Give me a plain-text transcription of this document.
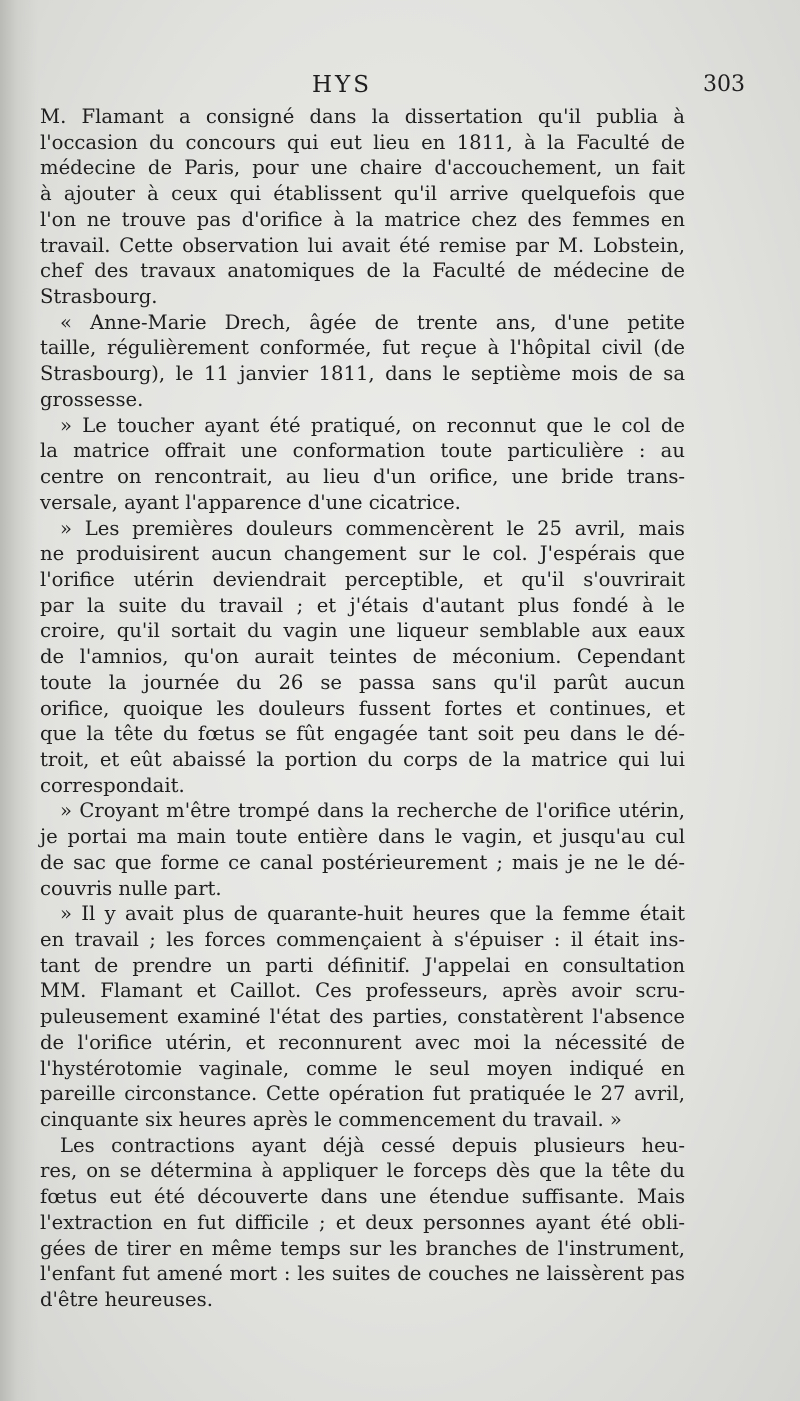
HYS	303
M. Flamant a consigné dans la dissertation qu'il publia à
l'occasion du concours qui eut lieu en 1811, à la Faculté de
médecine de Paris, pour une chaire d'accouchement, un fait
à ajouter à ceux qui établissent qu'il arrive quelquefois que
l'on ne trouve pas d'orifice à la matrice chez des femmes en
travail. Cette observation lui avait été remise par M. Lobstein,
chef des travaux anatomiques de la Faculté de médecine de
Strasbourg.
« Anne-Marie Drech, âgée de trente ans, d'une petite
taille, régulièrement conformée, fut reçue à l'hôpital civil (de
Strasbourg), le 11 janvier 1811, dans le septième mois de sa
grossesse.
» Le toucher ayant été pratiqué, on reconnut que le col de
la matrice offrait une conformation toute particulière : au
centre on rencontrait, au lieu d'un orifice, une bride trans-
versale, ayant l'apparence d'une cicatrice.
» Les premières douleurs commencèrent le 25 avril, mais
ne produisirent aucun changement sur le col. J'espérais que
l'orifice utérin deviendrait perceptible, et qu'il s'ouvrirait
par la suite du travail ; et j'étais d'autant plus fondé à le
croire, qu'il sortait du vagin une liqueur semblable aux eaux
de l'amnios, qu'on aurait teintes de méconium. Cependant
toute la journée du 26 se passa sans qu'il parût aucun
orifice, quoique les douleurs fussent fortes et continues, et
que la tête du fœtus se fût engagée tant soit peu dans le dé-
troit, et eût abaissé la portion du corps de la matrice qui lui
correspondait.
» Croyant m'être trompé dans la recherche de l'orifice utérin,
je portai ma main toute entière dans le vagin, et jusqu'au cul
de sac que forme ce canal postérieurement ; mais je ne le dé-
couvris nulle part.
» Il y avait plus de quarante-huit heures que la femme était
en travail ; les forces commençaient à s'épuiser : il était ins-
tant de prendre un parti définitif. J'appelai en consultation
MM. Flamant et Caillot. Ces professeurs, après avoir scru-
puleusement examiné l'état des parties, constatèrent l'absence
de l'orifice utérin, et reconnurent avec moi la nécessité de
l'hystérotomie vaginale, comme le seul moyen indiqué en
pareille circonstance. Cette opération fut pratiquée le 27 avril,
cinquante six heures après le commencement du travail. »
Les contractions ayant déjà cessé depuis plusieurs heu-
res, on se détermina à appliquer le forceps dès que la tête du
fœtus eut été découverte dans une étendue suffisante. Mais
l'extraction en fut difficile ; et deux personnes ayant été obli-
gées de tirer en même temps sur les branches de l'instrument,
l'enfant fut amené mort : les suites de couches ne laissèrent pas
d'être heureuses.
